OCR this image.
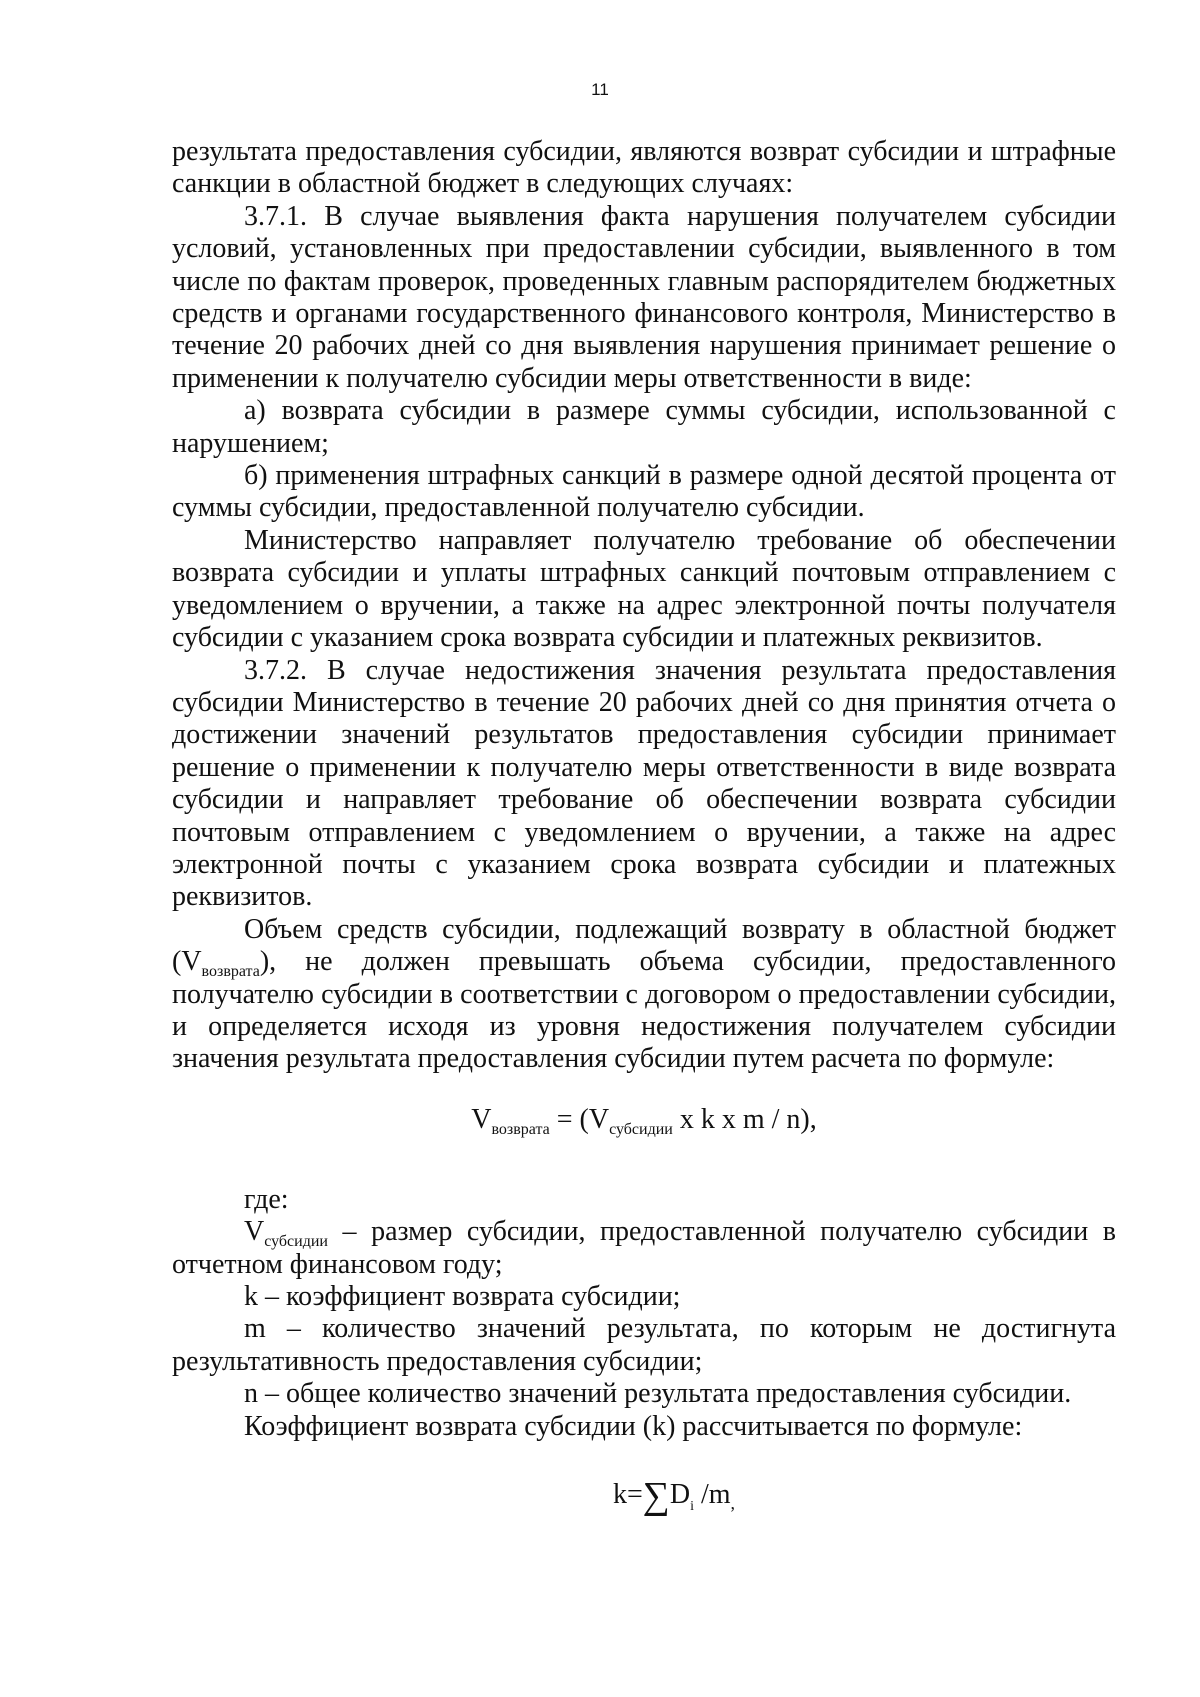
11

результата предоставления субсидии, являются возврат субсидии и штрафные санкции в областной бюджет в следующих случаях:

3.7.1. В случае выявления факта нарушения получателем субсидии условий, установленных при предоставлении субсидии, выявленного в том числе по фактам проверок, проведенных главным распорядителем бюджетных средств и органами государственного финансового контроля, Министерство в течение 20 рабочих дней со дня выявления нарушения принимает решение о применении к получателю субсидии меры ответственности в виде:

а) возврата субсидии в размере суммы субсидии, использованной с нарушением;

б) применения штрафных санкций в размере одной десятой процента от суммы субсидии, предоставленной получателю субсидии.

Министерство направляет получателю требование об обеспечении возврата субсидии и уплаты штрафных санкций почтовым отправлением с уведомлением о вручении, а также на адрес электронной почты получателя субсидии с указанием срока возврата субсидии и платежных реквизитов.

3.7.2. В случае недостижения значения результата предоставления субсидии Министерство в течение 20 рабочих дней со дня принятия отчета о достижении значений результатов предоставления субсидии принимает решение о применении к получателю меры ответственности в виде возврата субсидии и направляет требование об обеспечении возврата субсидии почтовым отправлением с уведомлением о вручении, а также на адрес электронной почты с указанием срока возврата субсидии и платежных реквизитов.

Объем средств субсидии, подлежащий возврату в областной бюджет $(V_{возврата})$, не должен превышать объема субсидии, предоставленного получателю субсидии в соответствии с договором о предоставлении субсидии, и определяется исходя из уровня недостижения получателем субсидии значения результата предоставления субсидии путем расчета по формуле:

$V_{возврата} = (V_{субсидии}$ x k x m / n),

где:

$V_{субсидии}$ – размер субсидии, предоставленной получателю субсидии в отчетном финансовом году;

k – коэффициент возврата субсидии;

m – количество значений результата, по которым не достигнута результативность предоставления субсидии;

n – общее количество значений результата предоставления субсидии.

Коэффициент возврата субсидии (k) рассчитывается по формуле:

$k=\sum D_i$ $/m_,$
